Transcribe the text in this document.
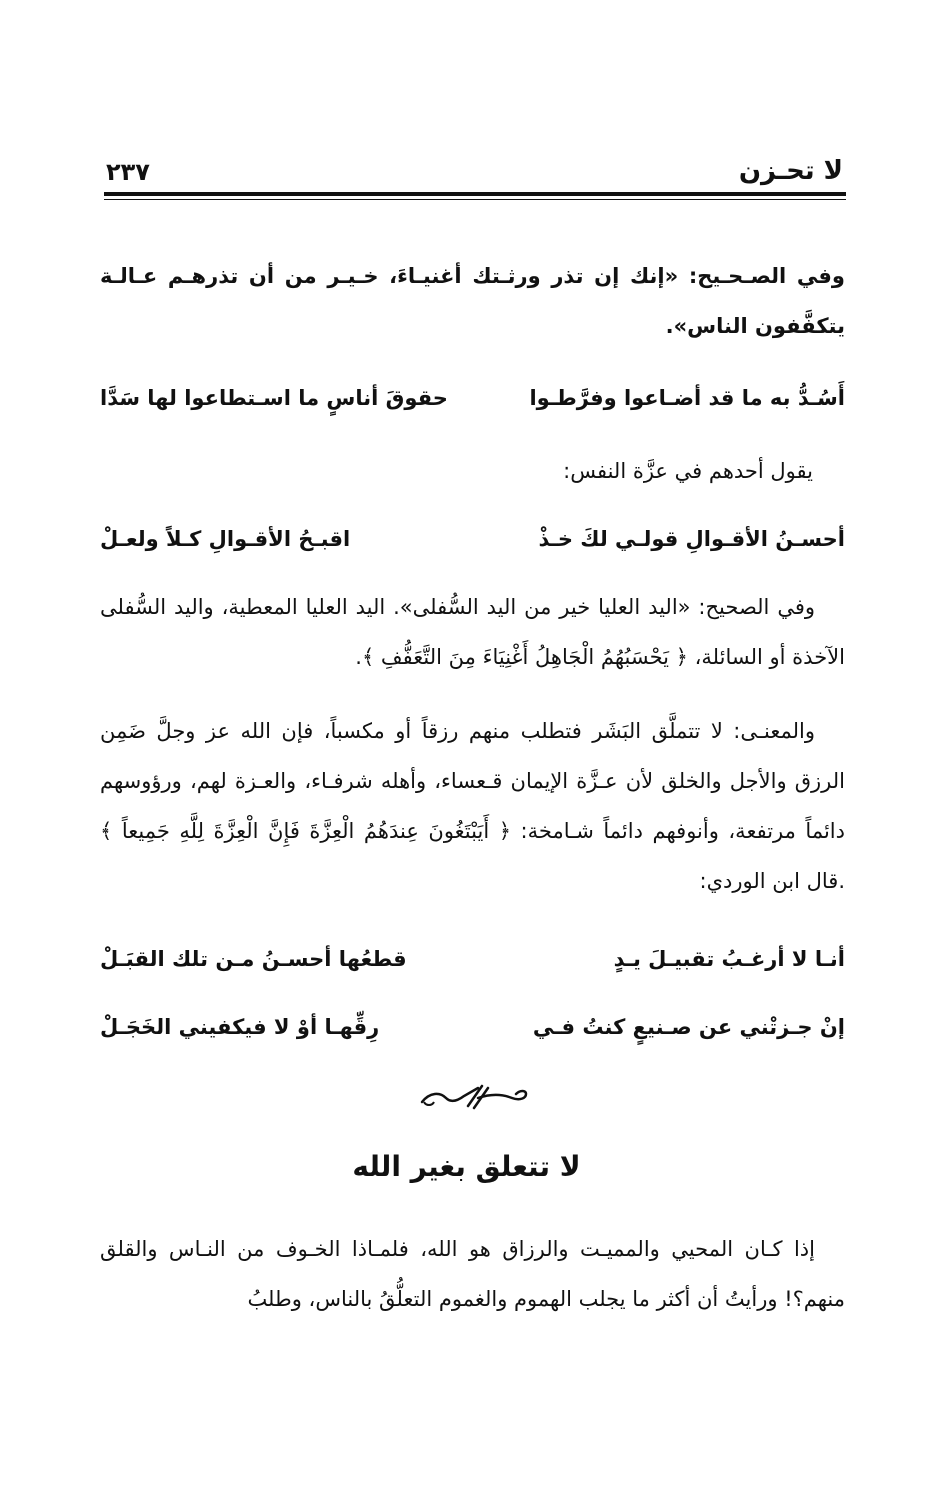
لا تحـزن
٢٣٧
وفي الصـحـيح: «إنك إن تذر ورثـتك أغنيـاءَ، خـيـر من أن تذرهـم عـالـة يتكفَّفون الناس».
أَسُـدُّ به ما قد أضـاعوا وفرَّطـوا
حقوقَ أناسٍ ما اسـتطاعوا لها سَدَّا
يقول أحدهم في عزَّة النفس:
أحسـنُ الأقـوالِ قولـي لكَ خـذْ
اقبـحُ الأقـوالِ كـلاً ولعـلْ
وفي الصحيح: «اليد العليا خير من اليد السُّفلى». اليد العليا المعطية، واليد السُّفلى الآخذة أو السائلة، ﴿ يَحْسَبُهُمُ الْجَاهِلُ أَغْنِيَاءَ مِنَ التَّعَفُّفِ ﴾.
والمعنـى: لا تتملَّق البَشَر فتطلب منهم رزقاً أو مكسباً، فإن الله عز وجلَّ ضَمِن الرزق والأجل والخلق لأن عـزَّة الإيمان قـعساء، وأهله شرفـاء، والعـزة لهم، ورؤوسهم دائماً مرتفعة، وأنوفهم دائماً شـامخة: ﴿ أَيَبْتَغُونَ عِندَهُمُ الْعِزَّةَ فَإِنَّ الْعِزَّةَ لِلَّهِ جَمِيعاً ﴾ .قال ابن الوردي:
أنـا لا أرغـبُ تقبيـلَ يـدٍ
قطعُها أحسـنُ مـن تلك القبَـلْ
إنْ جـزتْني عن صـنيعٍ كنتُ فـي
رِقِّهـا أوْ لا فيكفيني الخَجَـلْ
لا تتعلق بغير الله
إذا كـان المحيي والمميـت والرزاق هو الله، فلمـاذا الخـوف من النـاس والقلق منهم؟! ورأيتُ أن أكثر ما يجلب الهموم والغموم التعلُّقُ بالناس، وطلبُ
